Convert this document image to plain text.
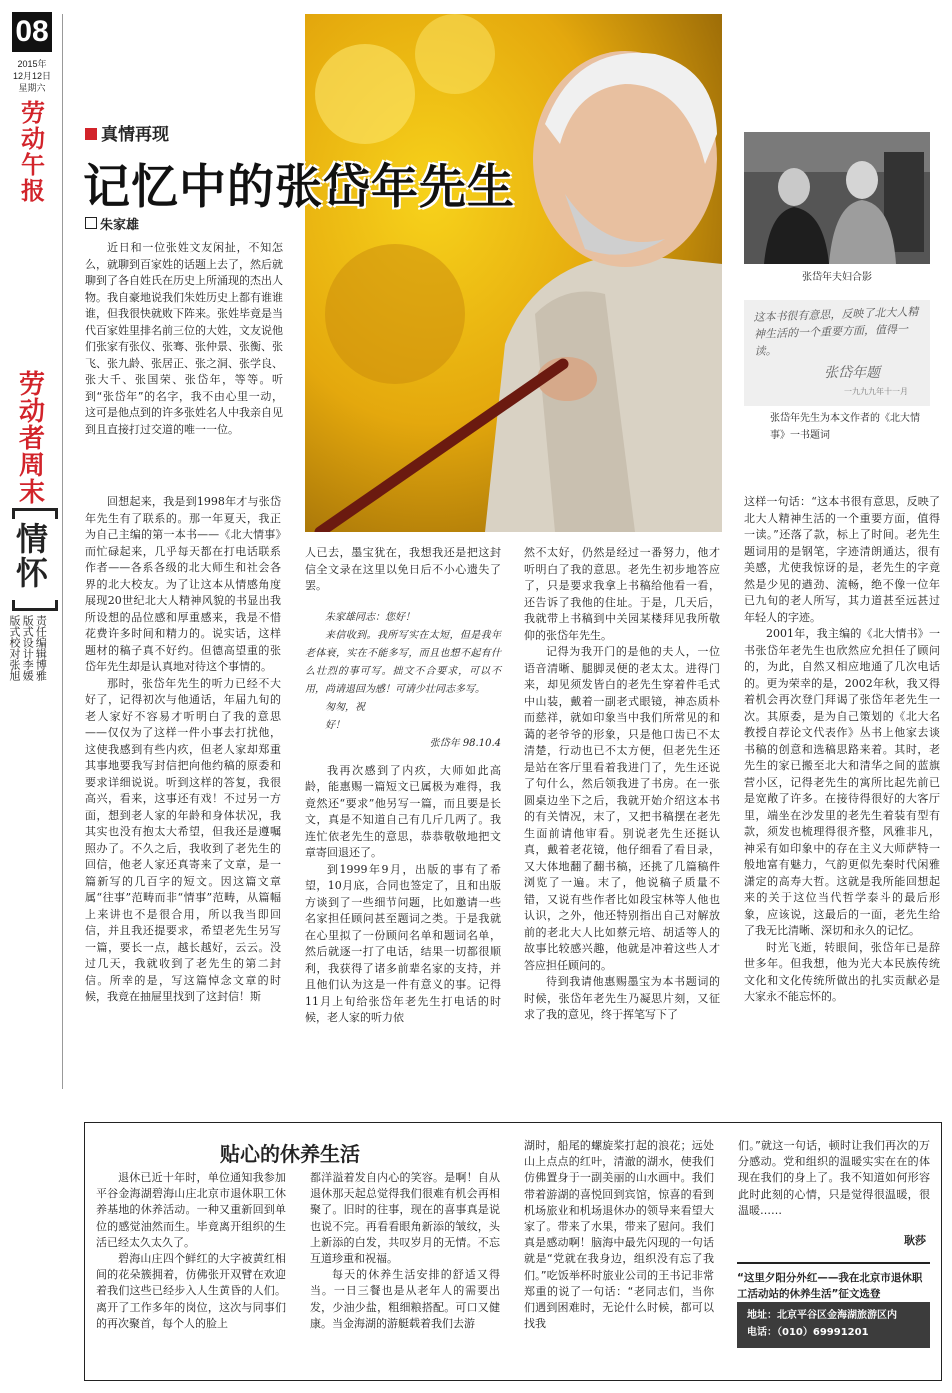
08
2015年
12月12日
星期六
劳动午报
劳动者周末
情怀
版式校对张旭 版式设计李媛 责任编辑博雅
真情再现
记忆中的张岱年先生
朱家雄
近日和一位张姓文友闲扯，不知怎么，就聊到百家姓的话题上去了，然后就聊到了各自姓氏在历史上所涌现的杰出人物。我自豪地说我们朱姓历史上都有谁谁谁，但我很快就败下阵来。张姓毕竟是当代百家姓里排名前三位的大姓，文友说他们张家有张仪、张骞、张仲景、张衡、张飞、张九龄、张居正、张之洞、张学良、张大千、张国荣、张岱年，等等。听到“张岱年”的名字，我不由心里一动，这可是他点到的许多张姓名人中我亲自见到且直接打过交道的唯一一位。
张岱年夫妇合影
这本书很有意思，反映了北大人精神生活的一个重要方面，值得一读。
张岱年题
一九九九年十一月
张岱年先生为本文作者的《北大情事》一书题词

回想起来，我是到1998年才与张岱年先生有了联系的。那一年夏天，我正为自己主编的第一本书——《北大情事》而忙碌起来，几乎每天都在打电话联系作者——各系各级的北大师生和社会各界的北大校友。为了让这本从情感角度展现20世纪北大人精神风貌的书显出我所设想的品位感和厚重感来，我是不惜花费许多时间和精力的。说实话，这样题材的稿子真不好约。但德高望重的张岱年先生却是认真地对待这个事情的。

那时，张岱年先生的听力已经不大好了，记得初次与他通话，年届九旬的老人家好不容易才听明白了我的意思——仅仅为了这样一件小事去打扰他，这使我感到有些内疚，但老人家却郑重其事地要我写封信把向他约稿的原委和要求详细说说。听到这样的答复，我很高兴，看来，这事还有戏！不过另一方面，想到老人家的年龄和身体状况，我其实也没有抱太大希望，但我还是遵嘱照办了。不久之后，我收到了老先生的回信，他老人家还真寄来了文章，是一篇新写的几百字的短文。因这篇文章属“往事”范畴而非“情事”范畴，从篇幅上来讲也不是很合用，所以我当即回信，并且我还提要求，希望老先生另写一篇，要长一点，越长越好，云云。没过几天，我就收到了老先生的第二封信。所幸的是，写这篇悼念文章的时候，我竟在抽屉里找到了这封信！斯

人已去，墨宝犹在，我想我还是把这封信全文录在这里以免日后不小心遗失了罢。

朱家雄同志：您好！

来信收到。我所写实在太短，但是我年老体衰，实在不能多写，而且也想不起有什么壮烈的事可写。拙文不合要求，可以不用，尚请退回为感！可请少壮同志多写。

匆匆，祝

好！

张岱年 98.10.4

我再次感到了内疚，大师如此高龄，能惠赐一篇短文已属极为难得，我竟然还“要求”他另写一篇，而且要是长文，真是不知道自己有几斤几两了。我连忙依老先生的意思，恭恭敬敬地把文章寄回退还了。

到1999年9月，出版的事有了希望，10月底，合同也签定了，且和出版方谈到了一些细节问题，比如邀请一些名家担任顾问甚至题词之类。于是我就在心里拟了一份顾问名单和题词名单，然后就逐一打了电话，结果一切都很顺利，我获得了诸多前辈名家的支持，并且他们认为这是一件有意义的事。记得11月上旬给张岱年老先生打电话的时候，老人家的听力依

然不太好，仍然是经过一番努力，他才听明白了我的意思。老先生初步地答应了，只是要求我拿上书稿给他看一看，还告诉了我他的住址。于是，几天后，我就带上书稿到中关园某楼拜见我所敬仰的张岱年先生。

记得为我开门的是他的夫人，一位语音清晰、腿脚灵便的老太太。进得门来，却见须发皆白的老先生穿着件毛式中山装，戴着一副老式眼镜，神态质朴而慈祥，就如印象当中我们所常见的和蔼的老爷爷的形象，只是他口齿已不太清楚，行动也已不太方便，但老先生还是站在客厅里看着我进门了，先生还说了句什么，然后领我进了书房。在一张圆桌边坐下之后，我就开始介绍这本书的有关情况，末了，又把书稿摆在老先生面前请他审看。别说老先生还挺认真，戴着老花镜，他仔细看了看目录，又大体地翻了翻书稿，还挑了几篇稿件浏览了一遍。末了，他说稿子质量不错，又说有些作者比如段宝林等人他也认识，之外，他还特别指出自己对解放前的老北大人比如蔡元培、胡适等人的故事比较感兴趣，他就是冲着这些人才答应担任顾问的。

待到我请他惠赐墨宝为本书题词的时候，张岱年老先生乃凝思片刻，又征求了我的意见，终于挥笔写下了

这样一句话：“这本书很有意思，反映了北大人精神生活的一个重要方面，值得一读。”还落了款，标上了时间。老先生题词用的是钢笔，字迹清朗通达，很有美感，尤使我惊讶的是，老先生的字竟然是少见的遒劲、流畅，绝不像一位年已九旬的老人所写，其力道甚至远甚过年轻人的字迹。

2001年，我主编的《北大情书》一书张岱年老先生也欣然应允担任了顾问的，为此，自然又相应地通了几次电话的。更为荣幸的是，2002年秋，我又得着机会再次登门拜谒了张岱年老先生一次。其原委，是为自己策划的《北大名教授自荐论文代表作》丛书上他家去谈书稿的创意和选稿思路来着。其时，老先生的家已搬至北大和清华之间的蓝旗营小区，记得老先生的寓所比起先前已是宽敞了许多。在接待得很好的大客厅里，端坐在沙发里的老先生着装有型有款，须发也梳理得很齐整，风雅非凡，神采有如印象中的存在主义大师萨特一般地富有魅力，气韵更似先秦时代闲雅潇定的高寿大哲。这就是我所能回想起来的关于这位当代哲学泰斗的最后形象，应该说，这最后的一面，老先生给了我无比清晰、深切和永久的记忆。

时光飞逝，转眼间，张岱年已是辞世多年。但我想，他为光大本民族传统文化和文化传统所做出的扎实贡献必是大家永不能忘怀的。

贴心的休养生活

退休已近十年时，单位通知我参加平谷金海湖碧海山庄北京市退休职工休养基地的休养活动。一种又重新回到单位的感觉油然而生。毕竟离开组织的生活已经太久太久了。

碧海山庄四个鲜红的大字被黄红相间的花朵簇拥着，仿佛张开双臂在欢迎着我们这些已经步入人生黄昏的人们。离开了工作多年的岗位，这次与同事们的再次聚首，每个人的脸上

都洋溢着发自内心的笑容。是啊！自从退休那天起总觉得我们很难有机会再相聚了。旧时的往事，现在的喜事真是说也说不完。再看看眼角新添的皱纹，头上新添的白发，共叹岁月的无情。不忘互道珍重和祝福。

每天的休养生活安排的舒适又得当。一日三餐也是从老年人的需要出发，少油少盐，粗细粮搭配。可口又健康。当金海湖的游艇载着我们去游

湖时，船尾的螺旋桨打起的浪花；远处山上点点的红叶，清澈的湖水，使我们仿佛置身于一副美丽的山水画中。我们带着游湖的喜悦回到宾馆，惊喜的看到机场旅业和机场退休办的领导来看望大家了。带来了水果，带来了慰问。我们真是感动啊！脑海中最先闪现的一句话就是“党就在我身边，组织没有忘了我们。”吃饭举杯时旅业公司的王书记非常郑重的说了一句话：“老同志们，当你们遇到困难时，无论什么时候，都可以找我

们。”就这一句话，顿时让我们再次的万分感动。党和组织的温暖实实在在的体现在我们的身上了。我不知道如何形容此时此刻的心情，只是觉得很温暖，很温暖……

耿莎
“这里夕阳分外红——我在北京市退休职工活动站的休养生活”征文选登
地址：北京平谷区金海湖旅游区内
电话：（010）69991201
